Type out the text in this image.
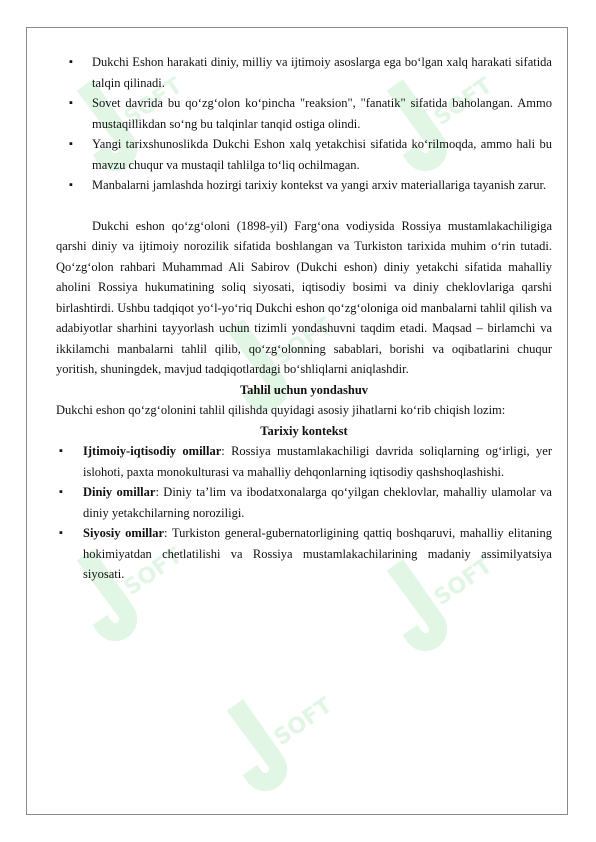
SOFT	SOFT
SOFT
SOFT	SOFT
SOFT
▪ Dukchi Eshon harakati diniy, milliy va ijtimoiy asoslarga ega bo‘lgan xalq harakati sifatida talqin qilinadi.
▪ Sovet davrida bu qo‘zg‘olon ko‘pincha "reaksion", "fanatik" sifatida baholangan. Ammo mustaqillikdan so‘ng bu talqinlar tanqid ostiga olindi.
▪ Yangi tarixshunoslikda Dukchi Eshon xalq yetakchisi sifatida ko‘rilmoqda, ammo hali bu mavzu chuqur va mustaqil tahlilga to‘liq ochilmagan.
▪ Manbalarni jamlashda hozirgi tarixiy kontekst va yangi arxiv materiallariga tayanish zarur.

Dukchi eshon qo‘zg‘oloni (1898-yil) Farg‘ona vodiysida Rossiya mustamlakachiligiga qarshi diniy va ijtimoiy norozilik sifatida boshlangan va Turkiston tarixida muhim o‘rin tutadi. Qo‘zg‘olon rahbari Muhammad Ali Sabirov (Dukchi eshon) diniy yetakchi sifatida mahalliy aholini Rossiya hukumatining soliq siyosati, iqtisodiy bosimi va diniy cheklovlariga qarshi birlashtirdi. Ushbu tadqiqot yo‘l-yo‘riq Dukchi eshon qo‘zg‘oloniga oid manbalarni tahlil qilish va adabiyotlar sharhini tayyorlash uchun tizimli yondashuvni taqdim etadi. Maqsad – birlamchi va ikkilamchi manbalarni tahlil qilib, qo‘zg‘olonning sabablari, borishi va oqibatlarini chuqur yoritish, shuningdek, mavjud tadqiqotlardagi bo‘shliqlarni aniqlashdir.

Tahlil uchun yondashuv

Dukchi eshon qo‘zg‘olonini tahlil qilishda quyidagi asosiy jihatlarni ko‘rib chiqish lozim:

Tarixiy kontekst

▪ Ijtimoiy-iqtisodiy omillar: Rossiya mustamlakachiligi davrida soliqlarning og‘irligi, yer islohoti, paxta monokulturasi va mahalliy dehqonlarning iqtisodiy qashshoqlashishi.
▪ Diniy omillar: Diniy ta’lim va ibodatxonalarga qo‘yilgan cheklovlar, mahalliy ulamolar va diniy yetakchilarning noroziligi.
▪ Siyosiy omillar: Turkiston general-gubernatorligining qattiq boshqaruvi, mahalliy elitaning hokimiyatdan chetlatilishi va Rossiya mustamlakachilarining madaniy assimilyatsiya siyosati.
